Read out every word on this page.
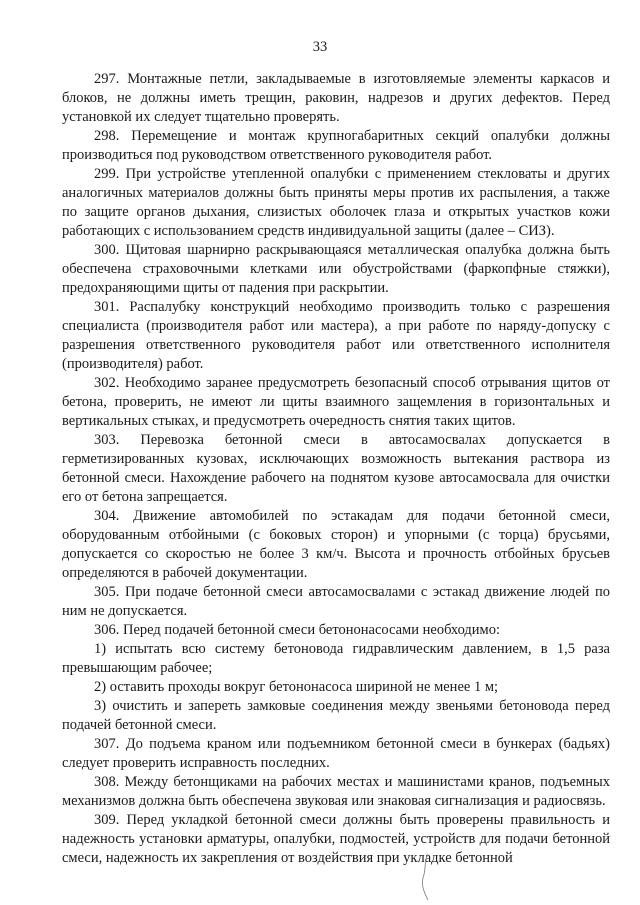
33

297. Монтажные петли, закладываемые в изготовляемые элементы каркасов и блоков, не должны иметь трещин, раковин, надрезов и других дефектов. Перед установкой их следует тщательно проверять.

298. Перемещение и монтаж крупногабаритных секций опалубки должны производиться под руководством ответственного руководителя работ.

299. При устройстве утепленной опалубки с применением стекловаты и других аналогичных материалов должны быть приняты меры против их распыления, а также по защите органов дыхания, слизистых оболочек глаза и открытых участков кожи работающих с использованием средств индивидуальной защиты (далее – СИЗ).

300. Щитовая шарнирно раскрывающаяся металлическая опалубка должна быть обеспечена страховочными клетками или обустройствами (фаркопфные стяжки), предохраняющими щиты от падения при раскрытии.

301. Распалубку конструкций необходимо производить только с разрешения специалиста (производителя работ или мастера), а при работе по наряду-допуску с разрешения ответственного руководителя работ или ответственного исполнителя (производителя) работ.

302. Необходимо заранее предусмотреть безопасный способ отрывания щитов от бетона, проверить, не имеют ли щиты взаимного защемления в горизонтальных и вертикальных стыках, и предусмотреть очередность снятия таких щитов.

303. Перевозка бетонной смеси в автосамосвалах допускается в герметизированных кузовах, исключающих возможность вытекания раствора из бетонной смеси. Нахождение рабочего на поднятом кузове автосамосвала для очистки его от бетона запрещается.

304. Движение автомобилей по эстакадам для подачи бетонной смеси, оборудованным отбойными (с боковых сторон) и упорными (с торца) брусьями, допускается со скоростью не более 3 км/ч. Высота и прочность отбойных брусьев определяются в рабочей документации.

305. При подаче бетонной смеси автосамосвалами с эстакад движение людей по ним не допускается.

306. Перед подачей бетонной смеси бетононасосами необходимо:

1) испытать всю систему бетоновода гидравлическим давлением, в 1,5 раза превышающим рабочее;

2) оставить проходы вокруг бетононасоса шириной не менее 1 м;

3) очистить и запереть замковые соединения между звеньями бетоновода перед подачей бетонной смеси.

307. До подъема краном или подъемником бетонной смеси в бункерах (бадьях) следует проверить исправность последних.

308. Между бетонщиками на рабочих местах и машинистами кранов, подъемных механизмов должна быть обеспечена звуковая или знаковая сигнализация и радиосвязь.

309. Перед укладкой бетонной смеси должны быть проверены правильность и надежность установки арматуры, опалубки, подмостей, устройств для подачи бетонной смеси, надежность их закрепления от воздействия при укладке бетонной
